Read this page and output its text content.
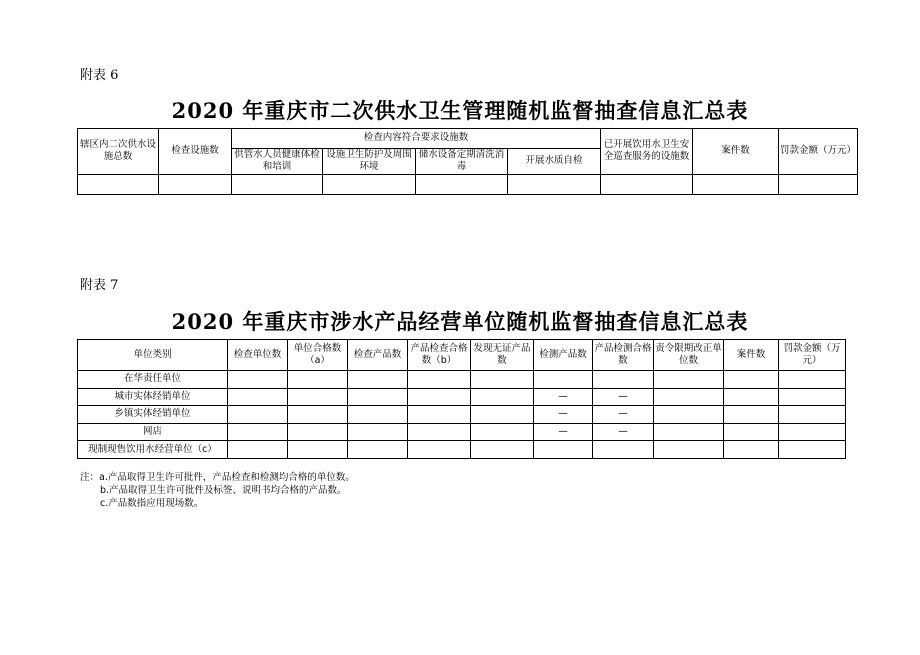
附表 6
2020 年重庆市二次供水卫生管理随机监督抽查信息汇总表
辖区内二次供水设施总数	检查设施数	检查内容符合要求设施数				已开展饮用水卫生安全巡查服务的设施数	案件数	罚款金额（万元）
		供管水人员健康体检和培训	设施卫生防护及周围环境	储水设备定期清洗消毒	开展水质自检			

附表 7
2020 年重庆市涉水产品经营单位随机监督抽查信息汇总表
单位类别	检查单位数	单位合格数（a）	检查产品数	产品检查合格数（b）	发现无证产品数	检测产品数	产品检测合格数	责令限期改正单位数	案件数	罚款金额（万元）
在华责任单位										
城市实体经销单位						—	—			
乡镇实体经销单位						—	—			
网店						—	—			
现制现售饮用水经营单位（c）										
注：a.产品取得卫生许可批件，产品检查和检测均合格的单位数。
b.产品取得卫生许可批件及标签、说明书均合格的产品数。
c.产品数指应用现场数。
